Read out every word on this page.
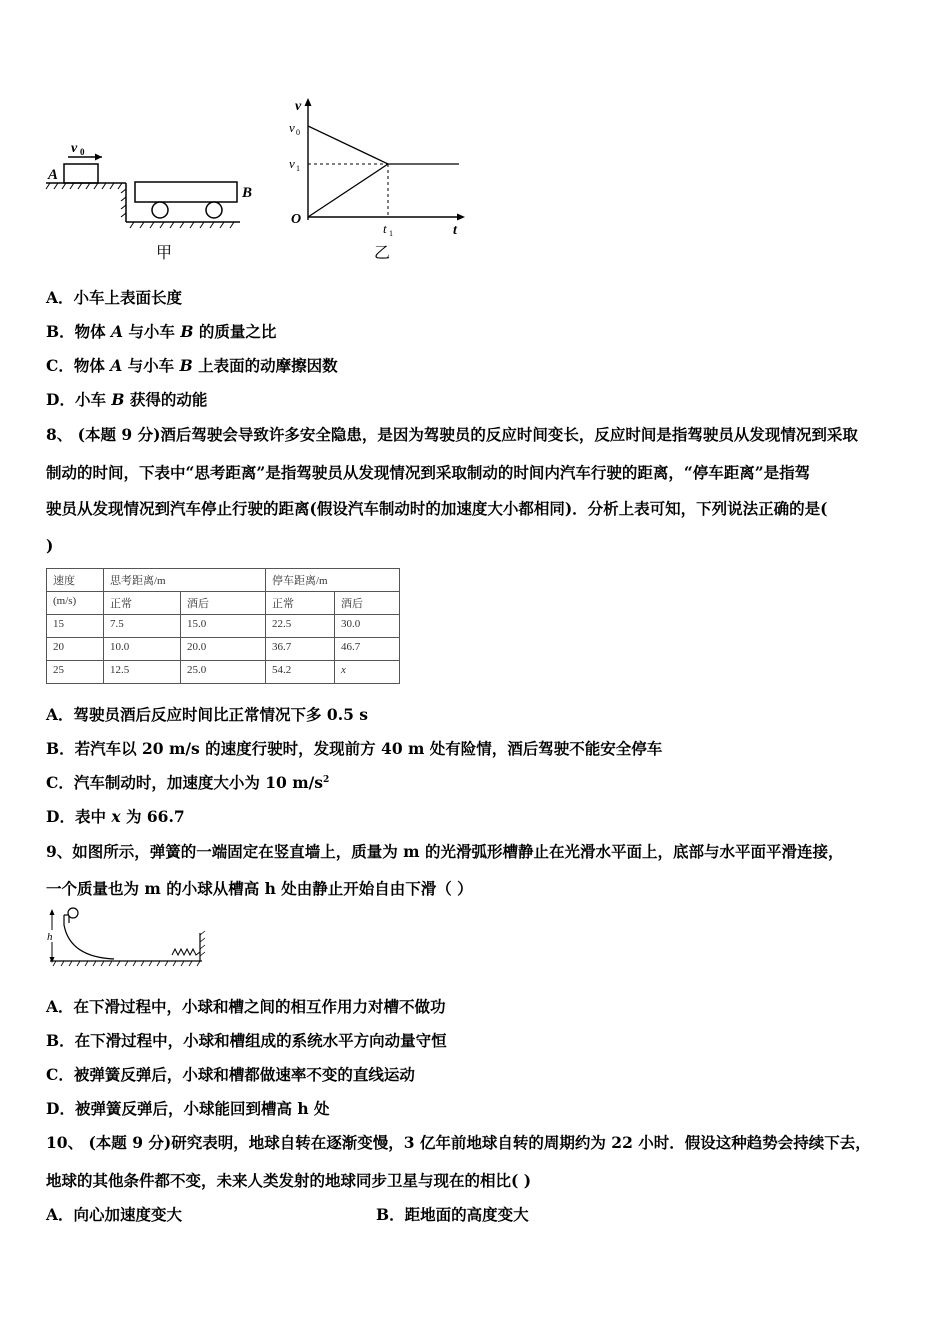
v 0
A
B
甲
v
v 0
v 1
O
t 1	t
乙
A．小车上表面长度
B．物体 A 与小车 B 的质量之比
C．物体 A 与小车 B 上表面的动摩擦因数
D．小车 B 获得的动能
8、 (本题 9 分)酒后驾驶会导致许多安全隐患，是因为驾驶员的反应时间变长，反应时间是指驾驶员从发现情况到采取
制动的时间，下表中“思考距离”是指驾驶员从发现情况到采取制动的时间内汽车行驶的距离，“停车距离”是指驾
驶员从发现情况到汽车停止行驶的距离(假设汽车制动时的加速度大小都相同)．分析上表可知，下列说法正确的是(
)
速度	思考距离/m		停车距离/m	
(m/s)	正常	酒后	正常	酒后
15	7.5	15.0	22.5	30.0
20	10.0	20.0	36.7	46.7
25	12.5	25.0	54.2	x
A．驾驶员酒后反应时间比正常情况下多 0.5 s
B．若汽车以 20 m/s 的速度行驶时，发现前方 40 m 处有险情，酒后驾驶不能安全停车
C．汽车制动时，加速度大小为 10 $m/s^2$
D．表中 x 为 66.7
9、如图所示，弹簧的一端固定在竖直墙上，质量为 m 的光滑弧形槽静止在光滑水平面上，底部与水平面平滑连接，
一个质量也为 m 的小球从槽高 h 处由静止开始自由下滑（ ）
h
A．在下滑过程中，小球和槽之间的相互作用力对槽不做功
B．在下滑过程中，小球和槽组成的系统水平方向动量守恒
C．被弹簧反弹后，小球和槽都做速率不变的直线运动
D．被弹簧反弹后，小球能回到槽高 h 处
10、 (本题 9 分)研究表明，地球自转在逐渐变慢，3 亿年前地球自转的周期约为 22 小时．假设这种趋势会持续下去，
地球的其他条件都不变，未来人类发射的地球同步卫星与现在的相比( )
A．向心加速度变大	B．距地面的高度变大
